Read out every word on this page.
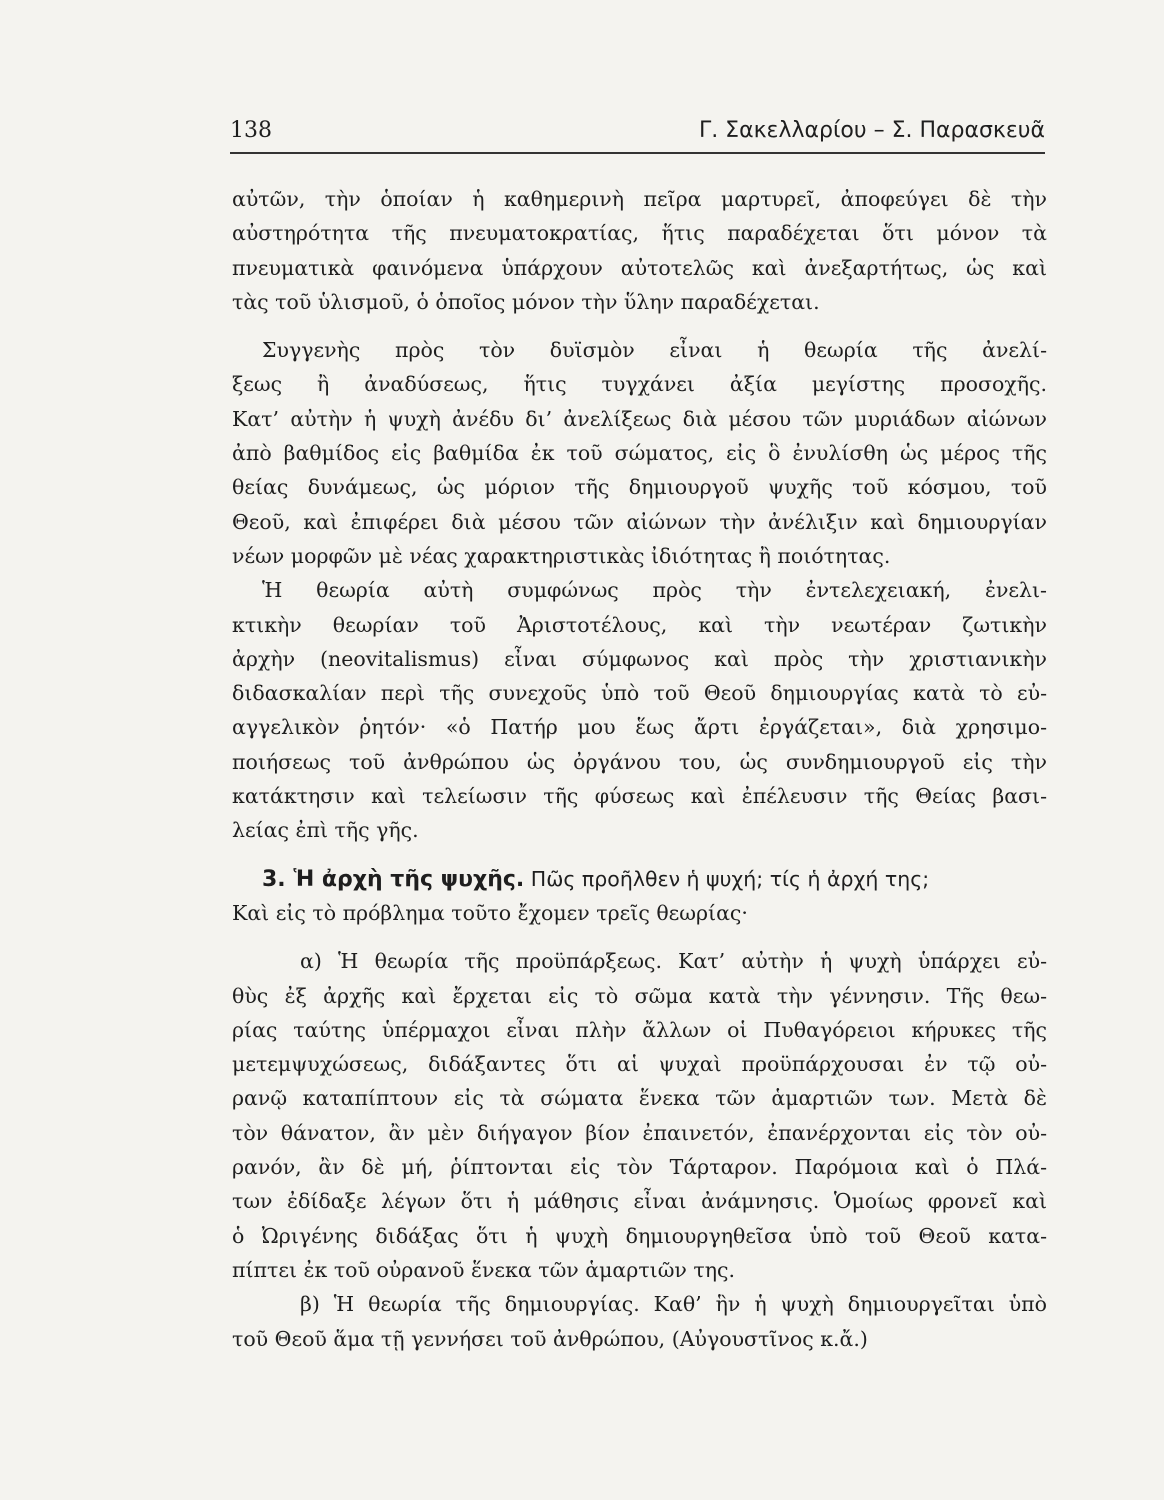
138	Γ. Σακελλαρίου – Σ. Παρασκευᾶ
αὐτῶν, τὴν ὁποίαν ἡ καθημερινὴ πεῖρα μαρτυρεῖ, ἀποφεύγει δὲ τὴν
αὐστηρότητα τῆς πνευματοκρατίας, ἥτις παραδέχεται ὅτι μόνον τὰ
πνευματικὰ φαινόμενα ὑπάρχουν αὐτοτελῶς καὶ ἀνεξαρτήτως, ὡς καὶ
τὰς τοῦ ὑλισμοῦ, ὁ ὁποῖος μόνον τὴν ὕλην παραδέχεται.
Συγγενὴς πρὸς τὸν δυϊσμὸν εἶναι ἡ θεωρία τῆς ἀνελί-
ξεως ἢ ἀναδύσεως, ἥτις τυγχάνει ἀξία μεγίστης προσοχῆς.
Κατ’ αὐτὴν ἡ ψυχὴ ἀνέδυ δι’ ἀνελίξεως διὰ μέσου τῶν μυριάδων αἰώνων
ἀπὸ βαθμίδος εἰς βαθμίδα ἐκ τοῦ σώματος, εἰς ὃ ἐνυλίσθη ὡς μέρος τῆς
θείας δυνάμεως, ὡς μόριον τῆς δημιουργοῦ ψυχῆς τοῦ κόσμου, τοῦ
Θεοῦ, καὶ ἐπιφέρει διὰ μέσου τῶν αἰώνων τὴν ἀνέλιξιν καὶ δημιουργίαν
νέων μορφῶν μὲ νέας χαρακτηριστικὰς ἰδιότητας ἢ ποιότητας.
Ἡ θεωρία αὐτὴ συμφώνως πρὸς τὴν ἐντελεχειακή, ἐνελι-
κτικὴν θεωρίαν τοῦ Ἀριστοτέλους, καὶ τὴν νεωτέραν ζωτικὴν
ἀρχὴν (neovitalismus) εἶναι σύμφωνος καὶ πρὸς τὴν χριστιανικὴν
διδασκαλίαν περὶ τῆς συνεχοῦς ὑπὸ τοῦ Θεοῦ δημιουργίας κατὰ τὸ εὐ-
αγγελικὸν ῥητόν· «ὁ Πατήρ μου ἕως ἄρτι ἐργάζεται», διὰ χρησιμο-
ποιήσεως τοῦ ἀνθρώπου ὡς ὀργάνου του, ὡς συνδημιουργοῦ εἰς τὴν
κατάκτησιν καὶ τελείωσιν τῆς φύσεως καὶ ἐπέλευσιν τῆς Θείας βασι-
λείας ἐπὶ τῆς γῆς.
3. Ἡ ἀρχὴ τῆς ψυχῆς. Πῶς προῆλθεν ἡ ψυχή; τίς ἡ ἀρχή της;
Καὶ εἰς τὸ πρόβλημα τοῦτο ἔχομεν τρεῖς θεωρίας·
α) Ἡ θεωρία τῆς προϋπάρξεως. Κατ’ αὐτὴν ἡ ψυχὴ ὑπάρχει εὐ-
θὺς ἐξ ἀρχῆς καὶ ἔρχεται εἰς τὸ σῶμα κατὰ τὴν γέννησιν. Τῆς θεω-
ρίας ταύτης ὑπέρμαχοι εἶναι πλὴν ἄλλων οἱ Πυθαγόρειοι κήρυκες τῆς
μετεμψυχώσεως, διδάξαντες ὅτι αἱ ψυχαὶ προϋπάρχουσαι ἐν τῷ οὐ-
ρανῷ καταπίπτουν εἰς τὰ σώματα ἕνεκα τῶν ἁμαρτιῶν των. Μετὰ δὲ
τὸν θάνατον, ἂν μὲν διήγαγον βίον ἐπαινετόν, ἐπανέρχονται εἰς τὸν οὐ-
ρανόν, ἂν δὲ μή, ῥίπτονται εἰς τὸν Τάρταρον. Παρόμοια καὶ ὁ Πλά-
των ἐδίδαξε λέγων ὅτι ἡ μάθησις εἶναι ἀνάμνησις. Ὁμοίως φρονεῖ καὶ
ὁ Ὠριγένης διδάξας ὅτι ἡ ψυχὴ δημιουργηθεῖσα ὑπὸ τοῦ Θεοῦ κατα-
πίπτει ἐκ τοῦ οὐρανοῦ ἕνεκα τῶν ἁμαρτιῶν της.
β) Ἡ θεωρία τῆς δημιουργίας. Καθ’ ἣν ἡ ψυχὴ δημιουργεῖται ὑπὸ
τοῦ Θεοῦ ἅμα τῇ γεννήσει τοῦ ἀνθρώπου, (Αὐγουστῖνος κ.ἄ.)
